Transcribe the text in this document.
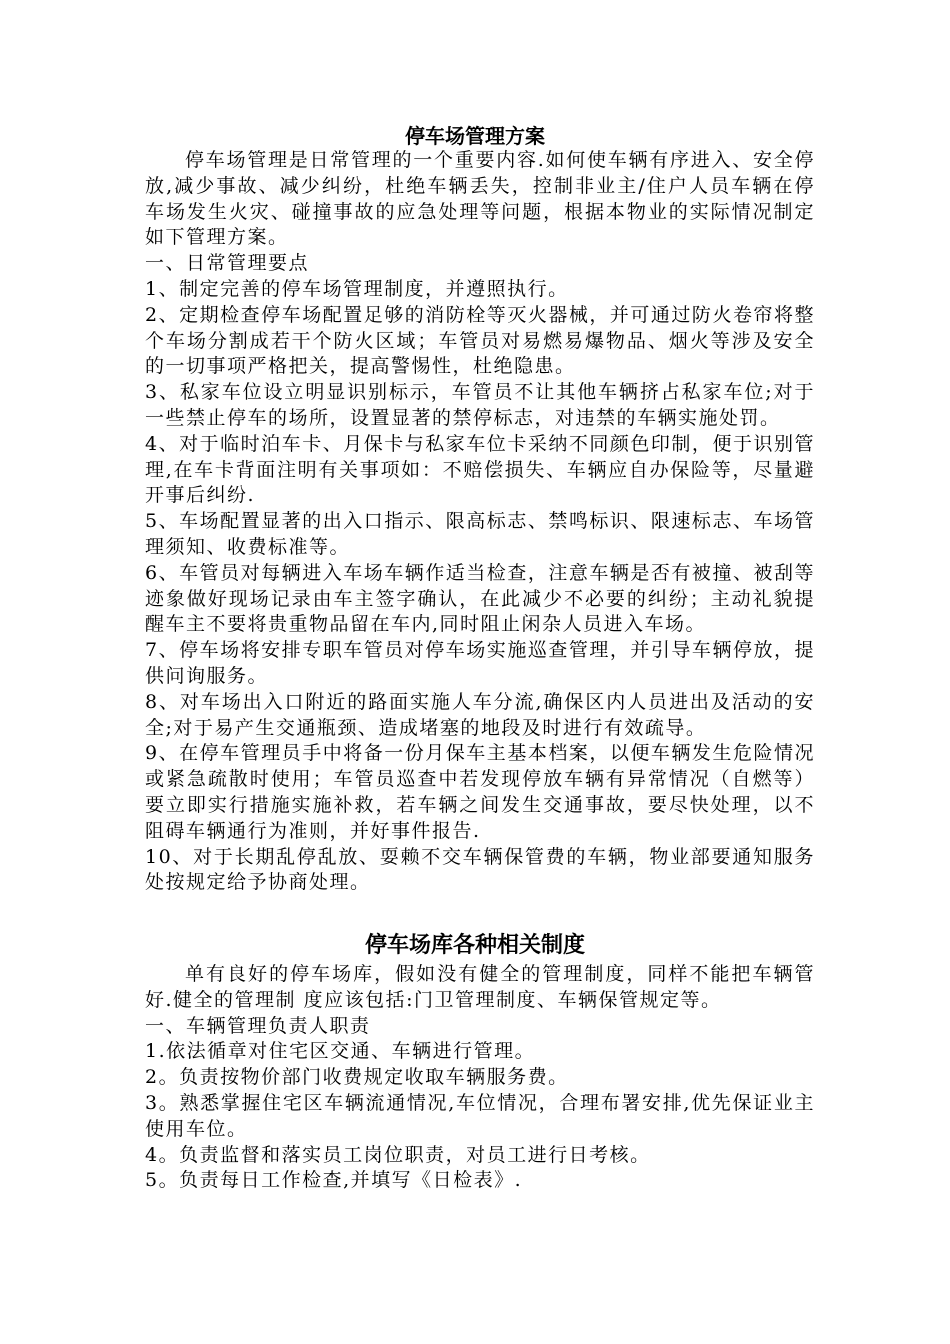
停车场管理方案

停车场管理是日常管理的一个重要内容.如何使车辆有序进入、安全停放,减少事故、减少纠纷，杜绝车辆丢失，控制非业主/住户人员车辆在停车场发生火灾、碰撞事故的应急处理等问题，根据本物业的实际情况制定如下管理方案。

一、日常管理要点

1、制定完善的停车场管理制度，并遵照执行。

2、定期检查停车场配置足够的消防栓等灭火器械，并可通过防火卷帘将整个车场分割成若干个防火区域；车管员对易燃易爆物品、烟火等涉及安全的一切事项严格把关，提高警惕性，杜绝隐患。

3、私家车位设立明显识别标示，车管员不让其他车辆挤占私家车位;对于一些禁止停车的场所，设置显著的禁停标志，对违禁的车辆实施处罚。

4、对于临时泊车卡、月保卡与私家车位卡采纳不同颜色印制，便于识别管理,在车卡背面注明有关事项如：不赔偿损失、车辆应自办保险等，尽量避开事后纠纷.

5、车场配置显著的出入口指示、限高标志、禁鸣标识、限速标志、车场管理须知、收费标准等。

6、车管员对每辆进入车场车辆作适当检查，注意车辆是否有被撞、被刮等迹象做好现场记录由车主签字确认，在此减少不必要的纠纷；主动礼貌提醒车主不要将贵重物品留在车内,同时阻止闲杂人员进入车场。

7、停车场将安排专职车管员对停车场实施巡查管理，并引导车辆停放，提供问询服务。

8、对车场出入口附近的路面实施人车分流,确保区内人员进出及活动的安全;对于易产生交通瓶颈、造成堵塞的地段及时进行有效疏导。

9、在停车管理员手中将备一份月保车主基本档案，以便车辆发生危险情况或紧急疏散时使用；车管员巡查中若发现停放车辆有异常情况（自燃等）要立即实行措施实施补救，若车辆之间发生交通事故，要尽快处理，以不阻碍车辆通行为准则，并好事件报告.

10、对于长期乱停乱放、耍赖不交车辆保管费的车辆，物业部要通知服务处按规定给予协商处理。

停车场库各种相关制度

单有良好的停车场库，假如没有健全的管理制度，同样不能把车辆管好.健全的管理制 度应该包括:门卫管理制度、车辆保管规定等。

一、车辆管理负责人职责

1.依法循章对住宅区交通、车辆进行管理。

2。负责按物价部门收费规定收取车辆服务费。

3。熟悉掌握住宅区车辆流通情况,车位情况，合理布署安排,优先保证业主使用车位。

4。负责监督和落实员工岗位职责，对员工进行日考核。

5。负责每日工作检查,并填写《日检表》.
